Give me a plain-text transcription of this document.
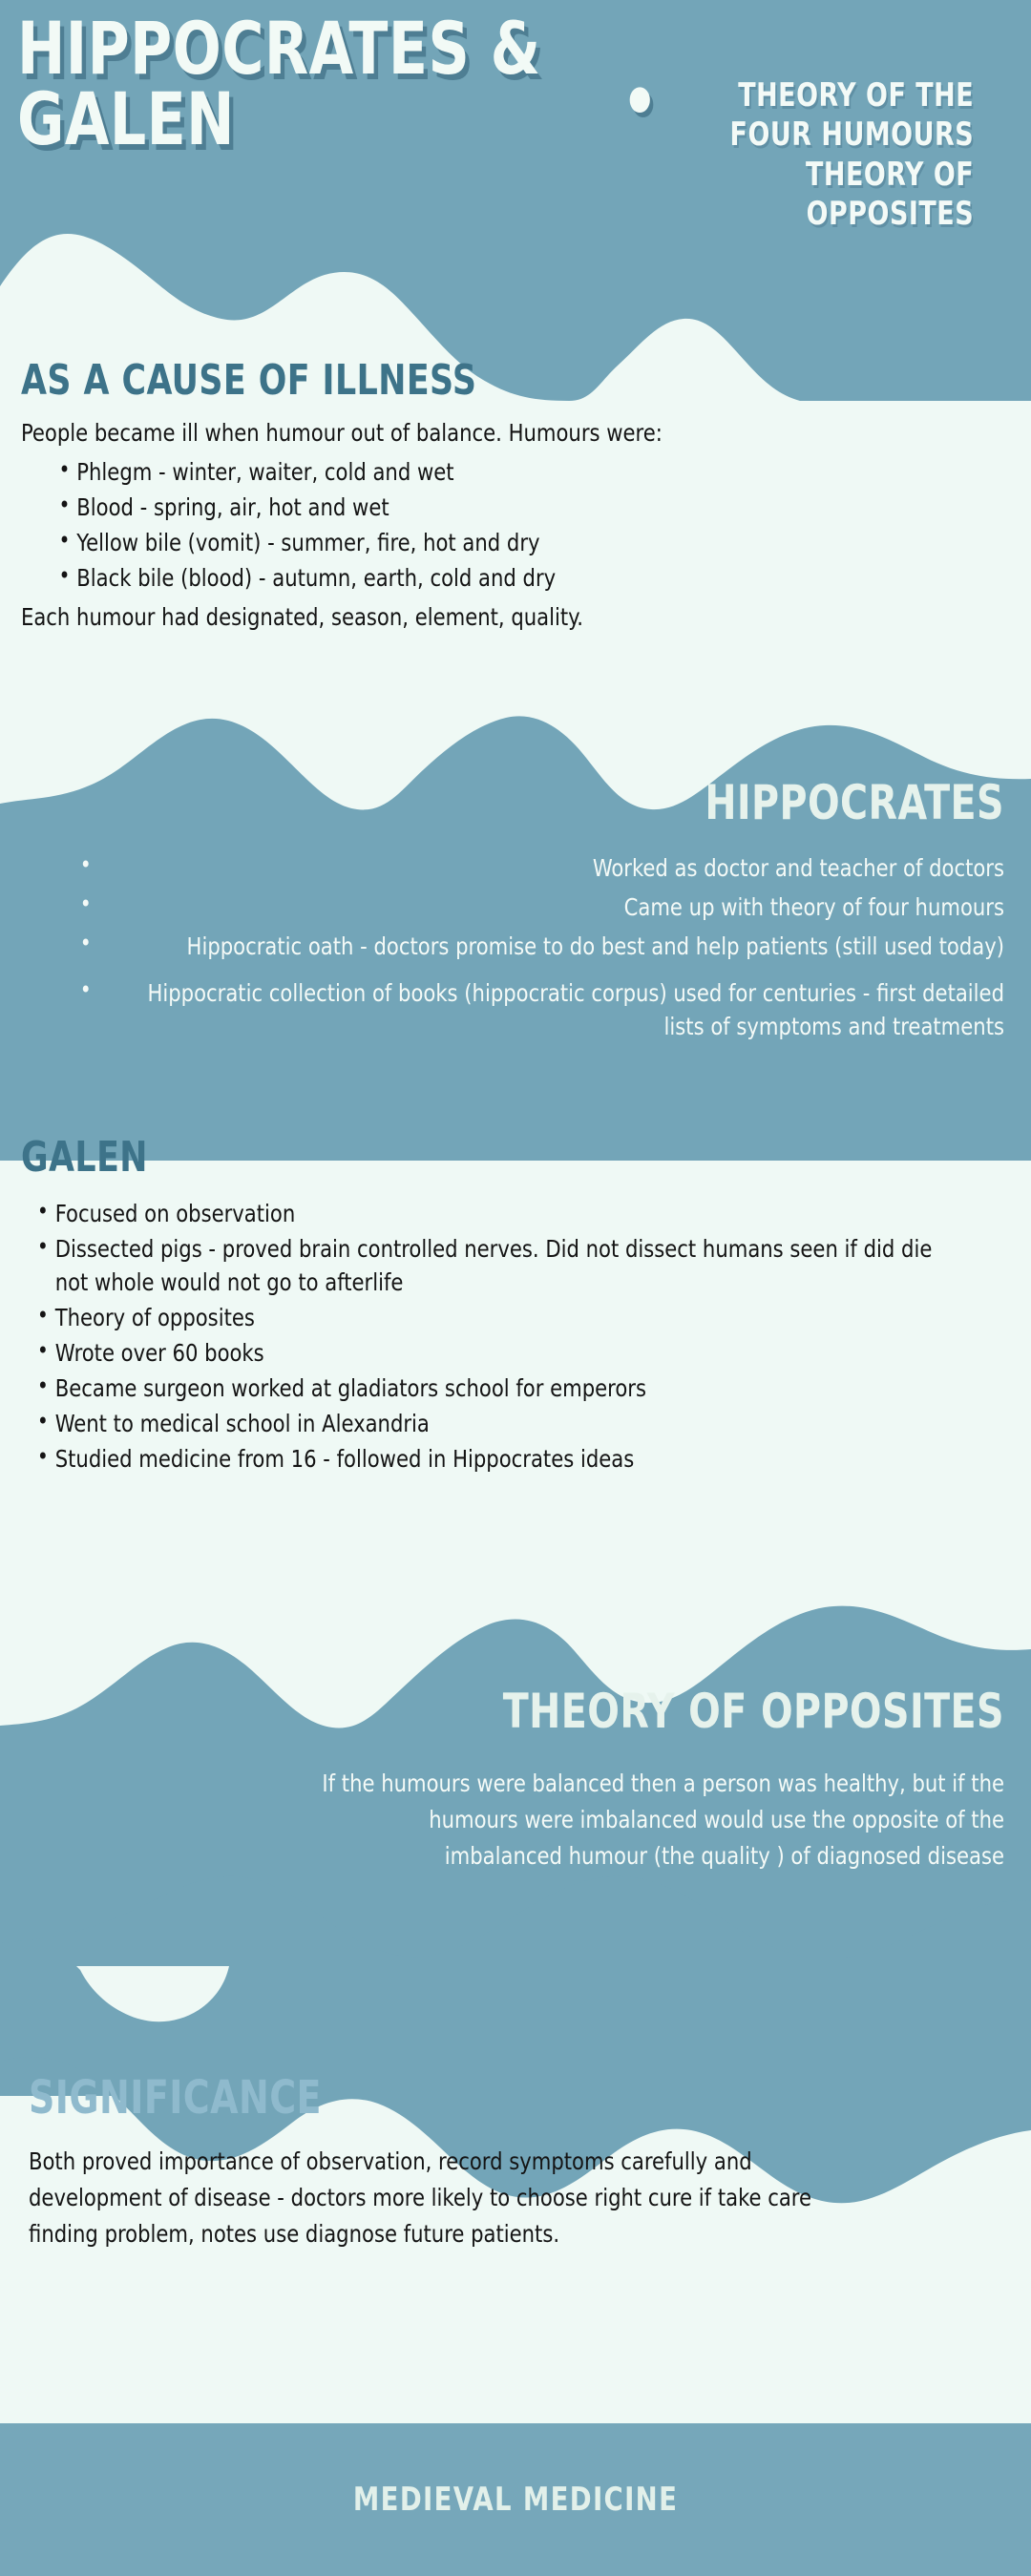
HIPPOCRATES &
GALEN	•	THEORY OF THE FOUR HUMOURS
THEORY OF OPPOSITES
AS A CAUSE OF ILLNESS
People became ill when humour out of balance. Humours were:
• Phlegm - winter, waiter, cold and wet
• Blood - spring, air, hot and wet
• Yellow bile (vomit) - summer, fire, hot and dry
• Black bile (blood) - autumn, earth, cold and dry
Each humour had designated, season, element, quality.
HIPPOCRATES
• Worked as doctor and teacher of doctors
• Came up with theory of four humours
• Hippocratic oath - doctors promise to do best and help patients (still used today)
• Hippocratic collection of books (hippocratic corpus) used for centuries - first detailed lists of symptoms and treatments
GALEN
• Focused on observation
• Dissected pigs - proved brain controlled nerves. Did not dissect humans seen if did die not whole would not go to afterlife
• Theory of opposites
• Wrote over 60 books
• Became surgeon worked at gladiators school for emperors
• Went to medical school in Alexandria
• Studied medicine from 16 - followed in Hippocrates ideas
THEORY OF OPPOSITES
If the humours were balanced then a person was healthy, but if the humours were imbalanced would use the opposite of the imbalanced humour (the quality ) of diagnosed disease
SIGNIFICANCE
Both proved importance of observation, record symptoms carefully and development of disease - doctors more likely to choose right cure if take care finding problem, notes use diagnose future patients.
MEDIEVAL MEDICINE
